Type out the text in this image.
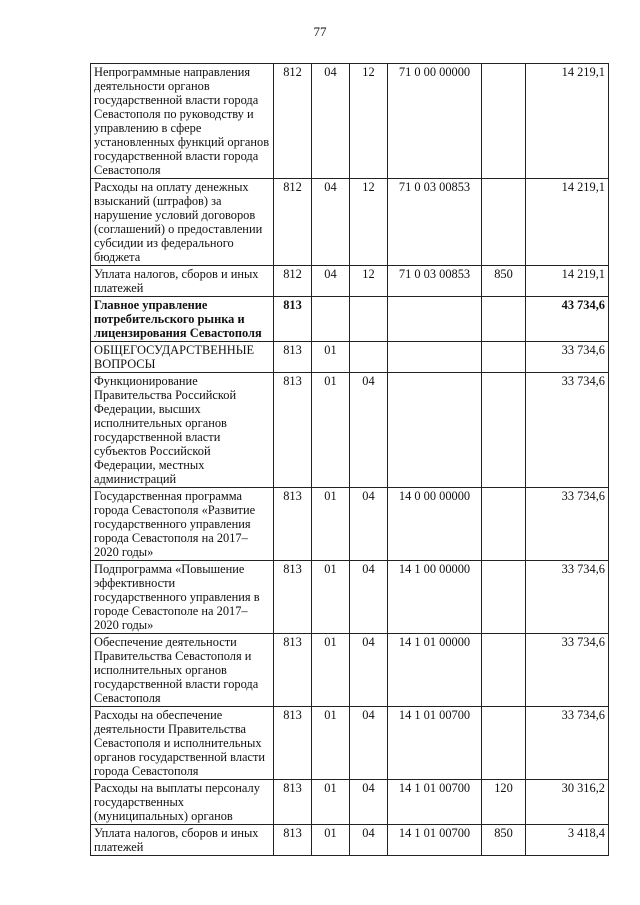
77
Непрограммные направления деятельности органов государственной власти города Севастополя по руководству и управлению в сфере установленных функций органов государственной власти города Севастополя	812	04	12	71 0 00 00000		14 219,1
Расходы на оплату денежных взысканий (штрафов) за нарушение условий договоров (соглашений) о предоставлении субсидии из федерального бюджета	812	04	12	71 0 03 00853		14 219,1
Уплата налогов, сборов и иных платежей	812	04	12	71 0 03 00853	850	14 219,1
Главное управление потребительского рынка и лицензирования Севастополя	813					43 734,6
ОБЩЕГОСУДАРСТВЕННЫЕ ВОПРОСЫ	813	01				33 734,6
Функционирование Правительства Российской Федерации, высших исполнительных органов государственной власти субъектов Российской Федерации, местных администраций	813	01	04			33 734,6
Государственная программа города Севастополя «Развитие государственного управления города Севастополя на 2017–2020 годы»	813	01	04	14 0 00 00000		33 734,6
Подпрограмма «Повышение эффективности государственного управления в городе Севастополе на 2017–2020 годы»	813	01	04	14 1 00 00000		33 734,6
Обеспечение деятельности Правительства Севастополя и исполнительных органов государственной власти города Севастополя	813	01	04	14 1 01 00000		33 734,6
Расходы на обеспечение деятельности Правительства Севастополя и исполнительных органов государственной власти города Севастополя	813	01	04	14 1 01 00700		33 734,6
Расходы на выплаты персоналу государственных (муниципальных) органов	813	01	04	14 1 01 00700	120	30 316,2
Уплата налогов, сборов и иных платежей	813	01	04	14 1 01 00700	850	3 418,4
